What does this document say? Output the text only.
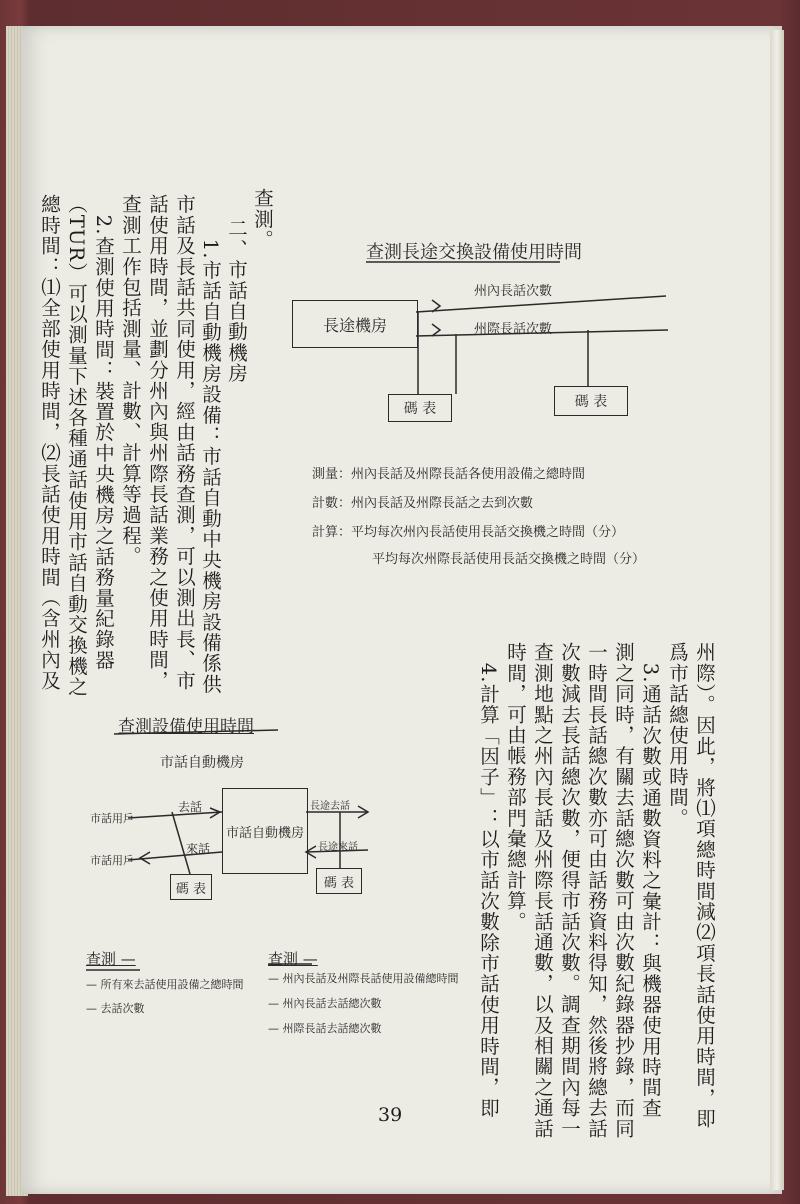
查測。
二、市話自動機房
　1.市話自動機房設備：市話自動中央機房設備係供
市話及長話共同使用，經由話務查測，可以測出長、市
話使用時間，並劃分州內與州際長話業務之使用時間，
查測工作包括測量、計數、計算等過程。
　2.查測使用時間：裝置於中央機房之話務量紀錄器
（TUR）可以測量下述各種通話使用市話自動交換機之
總時間：⑴全部使用時間，⑵長話使用時間（含州內及
州際）。因此，將⑴項總時間減⑵項長話使用時間，即
爲市話總使用時間。
　3.通話次數或通數資料之彙計：與機器使用時間查
測之同時，有關去話總次數可由次數紀錄器抄錄，而同
一時間長話總次數亦可由話務資料得知，然後將總去話
次數減去長話總次數，便得市話次數。調查期間內每一
查測地點之州內長話及州際長話通數，以及相關之通話
時間，可由帳務部門彙總計算。
　4.計算「因子」：以市話次數除市話使用時間，即
查測長途交換設備使用時間
長途機房
州內長話次數
州際長話次數
碼 表	碼 表
測量：州內長話及州際長話各使用設備之總時間
計數：州內長話及州際長話之去到次數
計算：平均每次州內長話使用長話交換機之時間（分）
平均每次州際長話使用長話交換機之時間（分）
查測設備使用時間
市話自動機房
市話自動機房
市話用戶
市話用戶
去話
來話
長途去話
長途來話
碼 表	碼 表
查測 —
— 所有來去話使用設備之總時間
— 去話次數
查測 —
— 州內長話及州際長話使用設備總時間
— 州內長話去話總次數
— 州際長話去話總次數
39
